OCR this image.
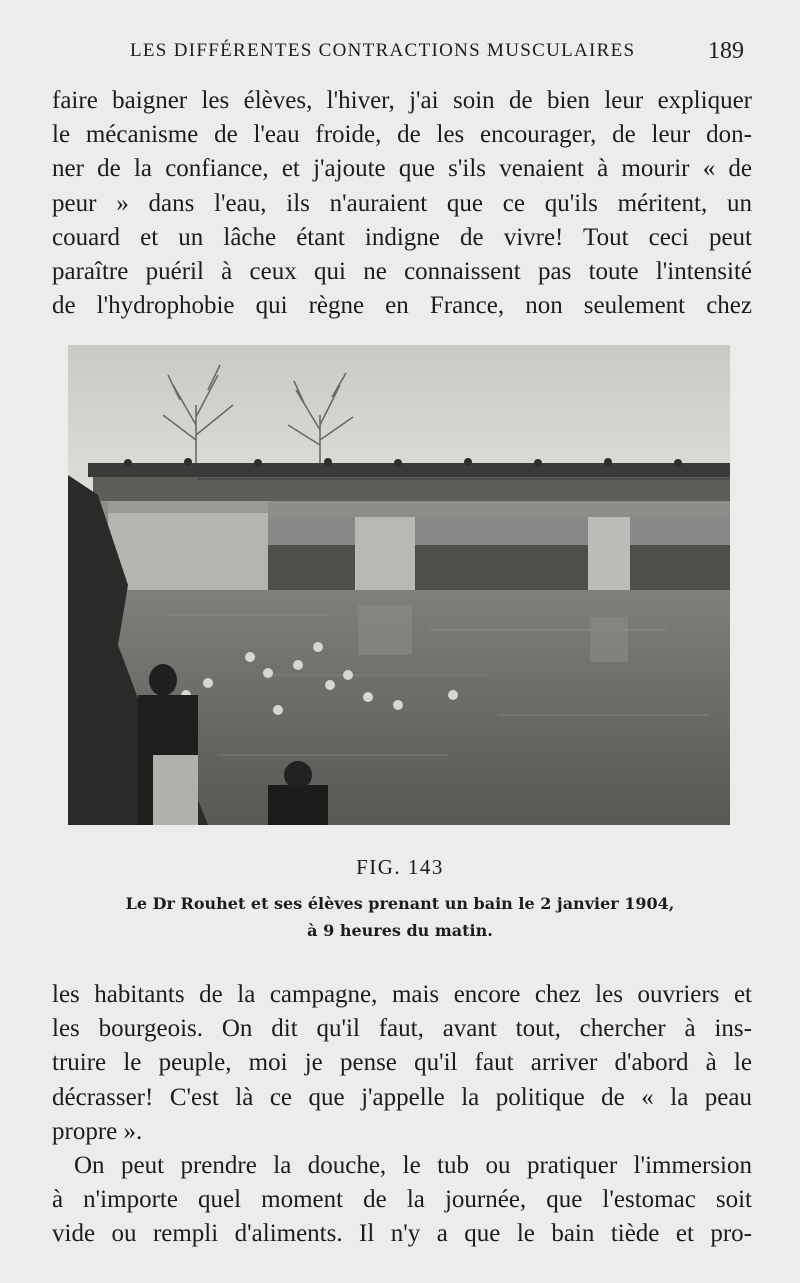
LES DIFFÉRENTES CONTRACTIONS MUSCULAIRES	189
faire baigner les élèves, l'hiver, j'ai soin de bien leur expliquer
le mécanisme de l'eau froide, de les encourager, de leur don-
ner de la confiance, et j'ajoute que s'ils venaient à mourir « de
peur » dans l'eau, ils n'auraient que ce qu'ils méritent, un
couard et un lâche étant indigne de vivre! Tout ceci peut
paraître puéril à ceux qui ne connaissent pas toute l'intensité
de l'hydrophobie qui règne en France, non seulement chez
FIG. 143
Le Dr Rouhet et ses élèves prenant un bain le 2 janvier 1904,
à 9 heures du matin.
les habitants de la campagne, mais encore chez les ouvriers et
les bourgeois. On dit qu'il faut, avant tout, chercher à ins-
truire le peuple, moi je pense qu'il faut arriver d'abord à le
décrasser! C'est là ce que j'appelle la politique de « la peau
propre ».
On peut prendre la douche, le tub ou pratiquer l'immersion
à n'importe quel moment de la journée, que l'estomac soit
vide ou rempli d'aliments. Il n'y a que le bain tiède et pro-
